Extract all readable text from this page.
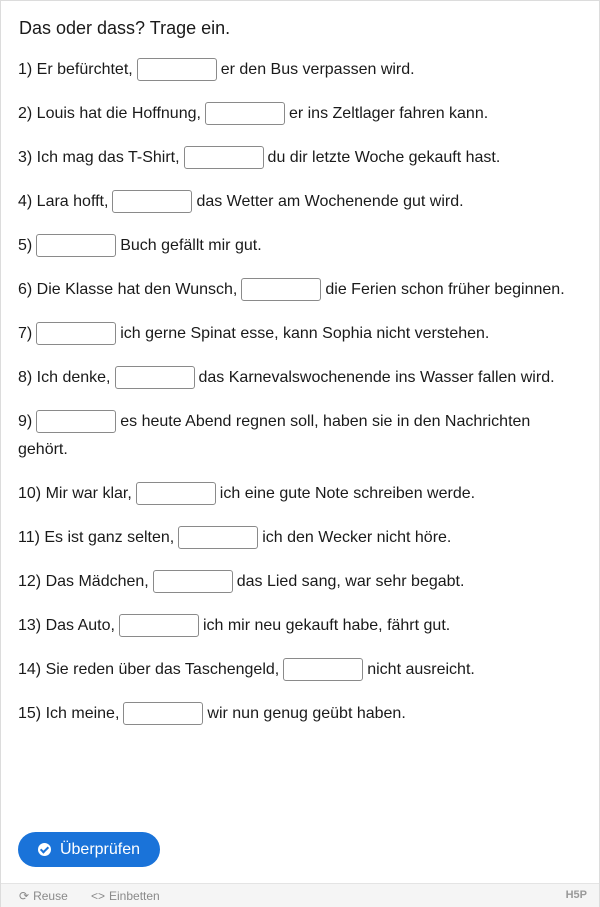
Das oder dass? Trage ein.
1) Er befürchtet,	er den Bus verpassen wird.
2) Louis hat die Hoffnung,	er ins Zeltlager fahren kann.
3) Ich mag das T-Shirt,	du dir letzte Woche gekauft hast.
4) Lara hofft,	das Wetter am Wochenende gut wird.
5)	Buch gefällt mir gut.
6) Die Klasse hat den Wunsch,	die Ferien schon früher beginnen.
7)	ich gerne Spinat esse, kann Sophia nicht verstehen.
8) Ich denke,	das Karnevalswochenende ins Wasser fallen wird.
9)	es heute Abend regnen soll, haben sie in den Nachrichten gehört.
10) Mir war klar,	ich eine gute Note schreiben werde.
11) Es ist ganz selten,	ich den Wecker nicht höre.
12) Das Mädchen,	das Lied sang, war sehr begabt.
13) Das Auto,	ich mir neu gekauft habe, fährt gut.
14) Sie reden über das Taschengeld,	nicht ausreicht.
15) Ich meine,	wir nun genug geübt haben.
Überprüfen
⟳ Reuse <> Einbetten	H5P
